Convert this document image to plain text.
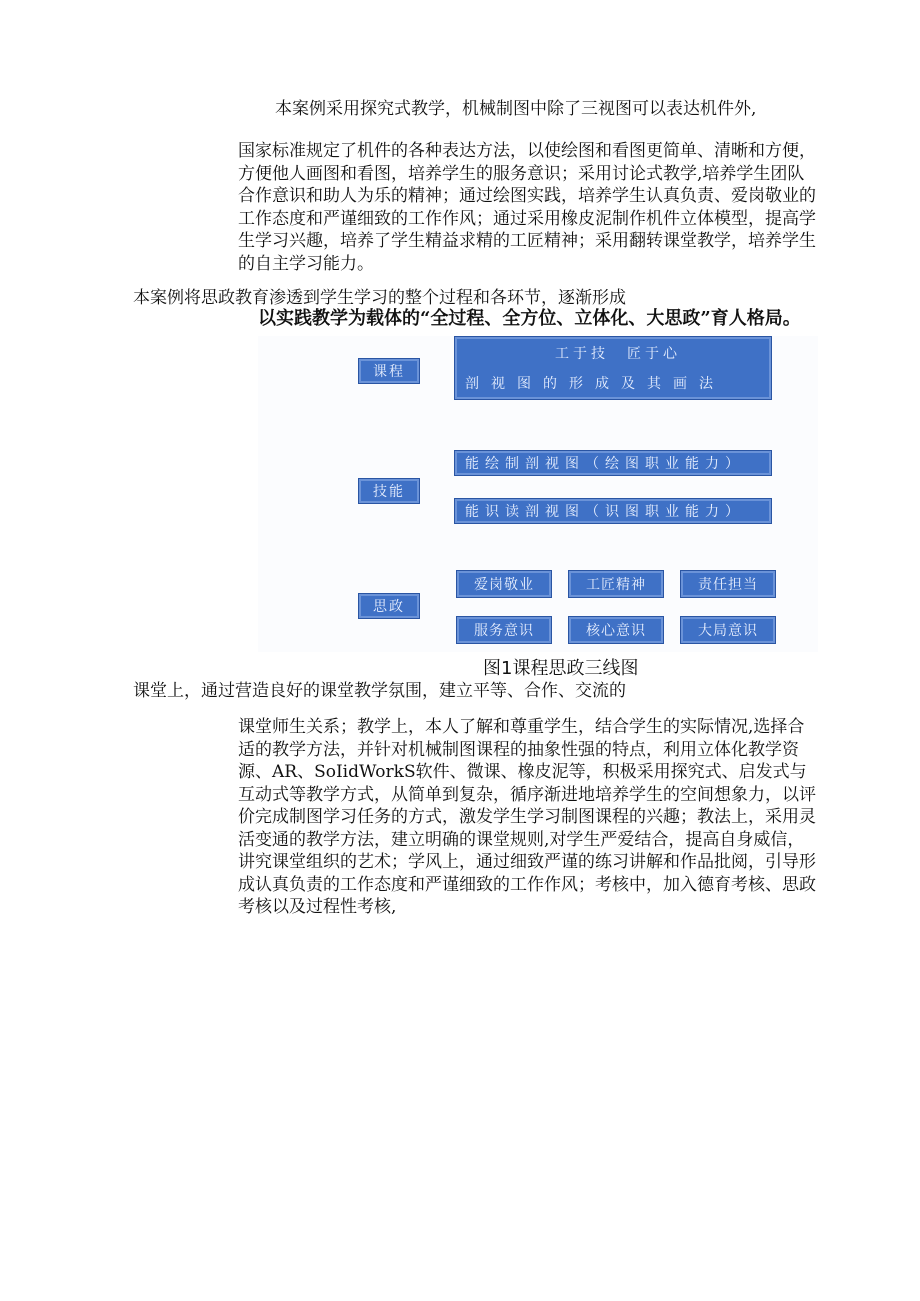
本案例采用探究式教学，机械制图中除了三视图可以表达机件外,

国家标准规定了机件的各种表达方法，以使绘图和看图更简单、清晰和方便，方便他人画图和看图，培养学生的服务意识；采用讨论式教学,培养学生团队合作意识和助人为乐的精神；通过绘图实践，培养学生认真负责、爱岗敬业的工作态度和严谨细致的工作作风；通过采用橡皮泥制作机件立体模型，提高学生学习兴趣，培养了学生精益求精的工匠精神；采用翻转课堂教学，培养学生的自主学习能力。

本案例将思政教育渗透到学生学习的整个过程和各环节，逐渐形成

以实践教学为载体的“全过程、全方位、立体化、大思政”育人格局。

课程
工于技　匠于心
剖视图的形成及其画法
技能
能绘制剖视图（绘图职业能力）
能识读剖视图（识图职业能力）
思政
爱岗敬业	工匠精神	责任担当
服务意识	核心意识	大局意识
图1课程思政三线图

课堂上，通过营造良好的课堂教学氛围，建立平等、合作、交流的

课堂师生关系；教学上，本人了解和尊重学生，结合学生的实际情况,选择合适的教学方法，并针对机械制图课程的抽象性强的特点，利用立体化教学资源、AR、SoIidWorkS软件、微课、橡皮泥等，积极采用探究式、启发式与互动式等教学方式，从简单到复杂，循序渐进地培养学生的空间想象力，以评价完成制图学习任务的方式，激发学生学习制图课程的兴趣；教法上，采用灵活变通的教学方法，建立明确的课堂规则,对学生严爱结合，提高自身威信，讲究课堂组织的艺术；学风上，通过细致严谨的练习讲解和作品批阅，引导形成认真负责的工作态度和严谨细致的工作作风；考核中，加入德育考核、思政考核以及过程性考核,
